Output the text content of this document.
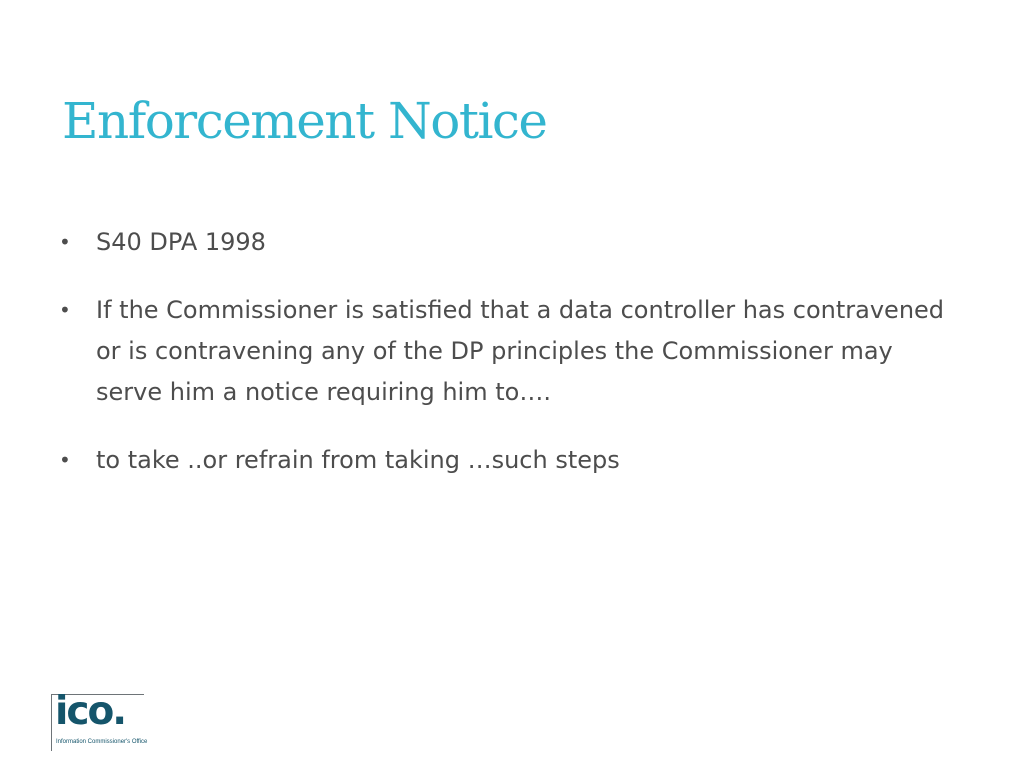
Enforcement Notice
• S40 DPA 1998
• If the Commissioner is satisfied that a data controller has contravened or is contravening any of the DP principles the Commissioner may serve him a notice requiring him to….
• to take ..or refrain from taking …such steps
ico.
Information Commissioner's Office
